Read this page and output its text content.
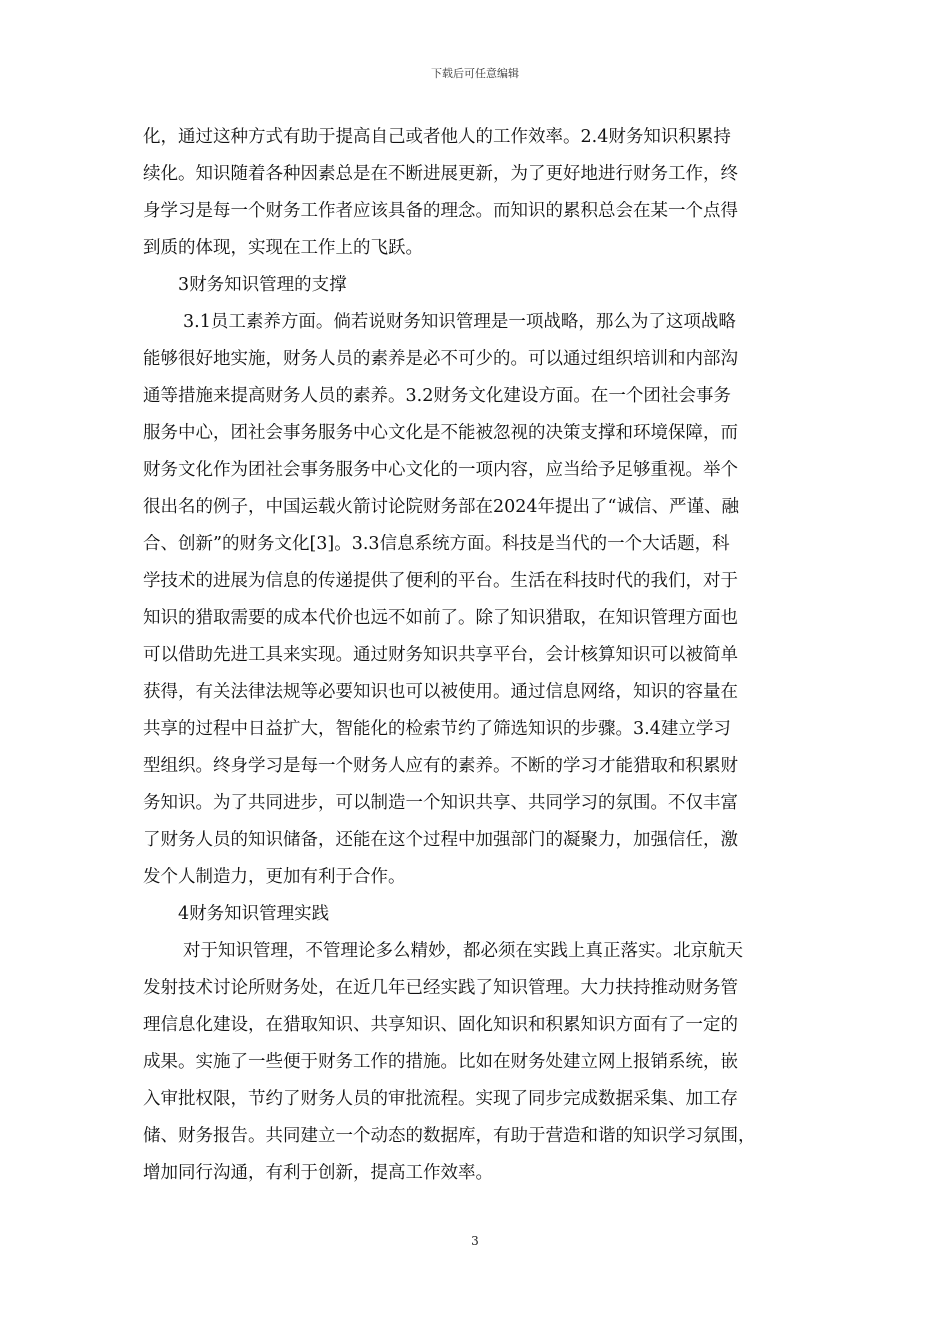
下载后可任意编辑
化，通过这种方式有助于提高自己或者他人的工作效率。2.4财务知识积累持
续化。知识随着各种因素总是在不断进展更新，为了更好地进行财务工作，终
身学习是每一个财务工作者应该具备的理念。而知识的累积总会在某一个点得
到质的体现，实现在工作上的飞跃。
3财务知识管理的支撑
3.1员工素养方面。倘若说财务知识管理是一项战略，那么为了这项战略
能够很好地实施，财务人员的素养是必不可少的。可以通过组织培训和内部沟
通等措施来提高财务人员的素养。3.2财务文化建设方面。在一个团社会事务
服务中心，团社会事务服务中心文化是不能被忽视的决策支撑和环境保障，而
财务文化作为团社会事务服务中心文化的一项内容，应当给予足够重视。举个
很出名的例子，中国运载火箭讨论院财务部在2024年提出了“诚信、严谨、融
合、创新”的财务文化[3]。3.3信息系统方面。科技是当代的一个大话题，科
学技术的进展为信息的传递提供了便利的平台。生活在科技时代的我们，对于
知识的猎取需要的成本代价也远不如前了。除了知识猎取，在知识管理方面也
可以借助先进工具来实现。通过财务知识共享平台，会计核算知识可以被简单
获得，有关法律法规等必要知识也可以被使用。通过信息网络，知识的容量在
共享的过程中日益扩大，智能化的检索节约了筛选知识的步骤。3.4建立学习
型组织。终身学习是每一个财务人应有的素养。不断的学习才能猎取和积累财
务知识。为了共同进步，可以制造一个知识共享、共同学习的氛围。不仅丰富
了财务人员的知识储备，还能在这个过程中加强部门的凝聚力，加强信任，激
发个人制造力，更加有利于合作。
4财务知识管理实践
对于知识管理，不管理论多么精妙，都必须在实践上真正落实。北京航天
发射技术讨论所财务处，在近几年已经实践了知识管理。大力扶持推动财务管
理信息化建设，在猎取知识、共享知识、固化知识和积累知识方面有了一定的
成果。实施了一些便于财务工作的措施。比如在财务处建立网上报销系统，嵌
入审批权限，节约了财务人员的审批流程。实现了同步完成数据采集、加工存
储、财务报告。共同建立一个动态的数据库，有助于营造和谐的知识学习氛围，
增加同行沟通，有利于创新，提高工作效率。
3
